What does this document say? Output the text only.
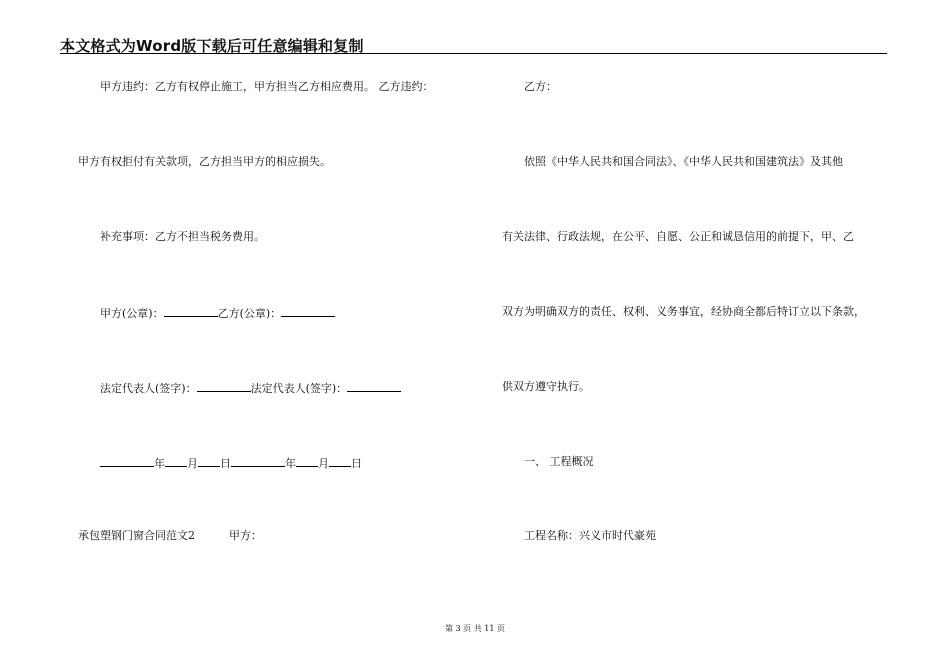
本文格式为Word版下载后可任意编辑和复制
甲方违约：乙方有权停止施工，甲方担当乙方相应费用。 乙方违约：
甲方有权拒付有关款项，乙方担当甲方的相应损失。
补充事项：乙方不担当税务费用。
甲方(公章)：	乙方(公章)：
法定代表人(签字)：	法定代表人(签字)：
年 月 日	年 月 日
承包塑钢门窗合同范文2	甲方：
乙方：
依照《中华人民共和国合同法》、《中华人民共和国建筑法》及其他
有关法律、行政法规，在公平、自愿、公正和诚恳信用的前提下，甲、乙
双方为明确双方的责任、权利、义务事宜，经协商全都后特订立以下条款，
供双方遵守执行。
一、 工程概况
工程名称：兴义市时代豪苑
第 3 页 共 11 页
